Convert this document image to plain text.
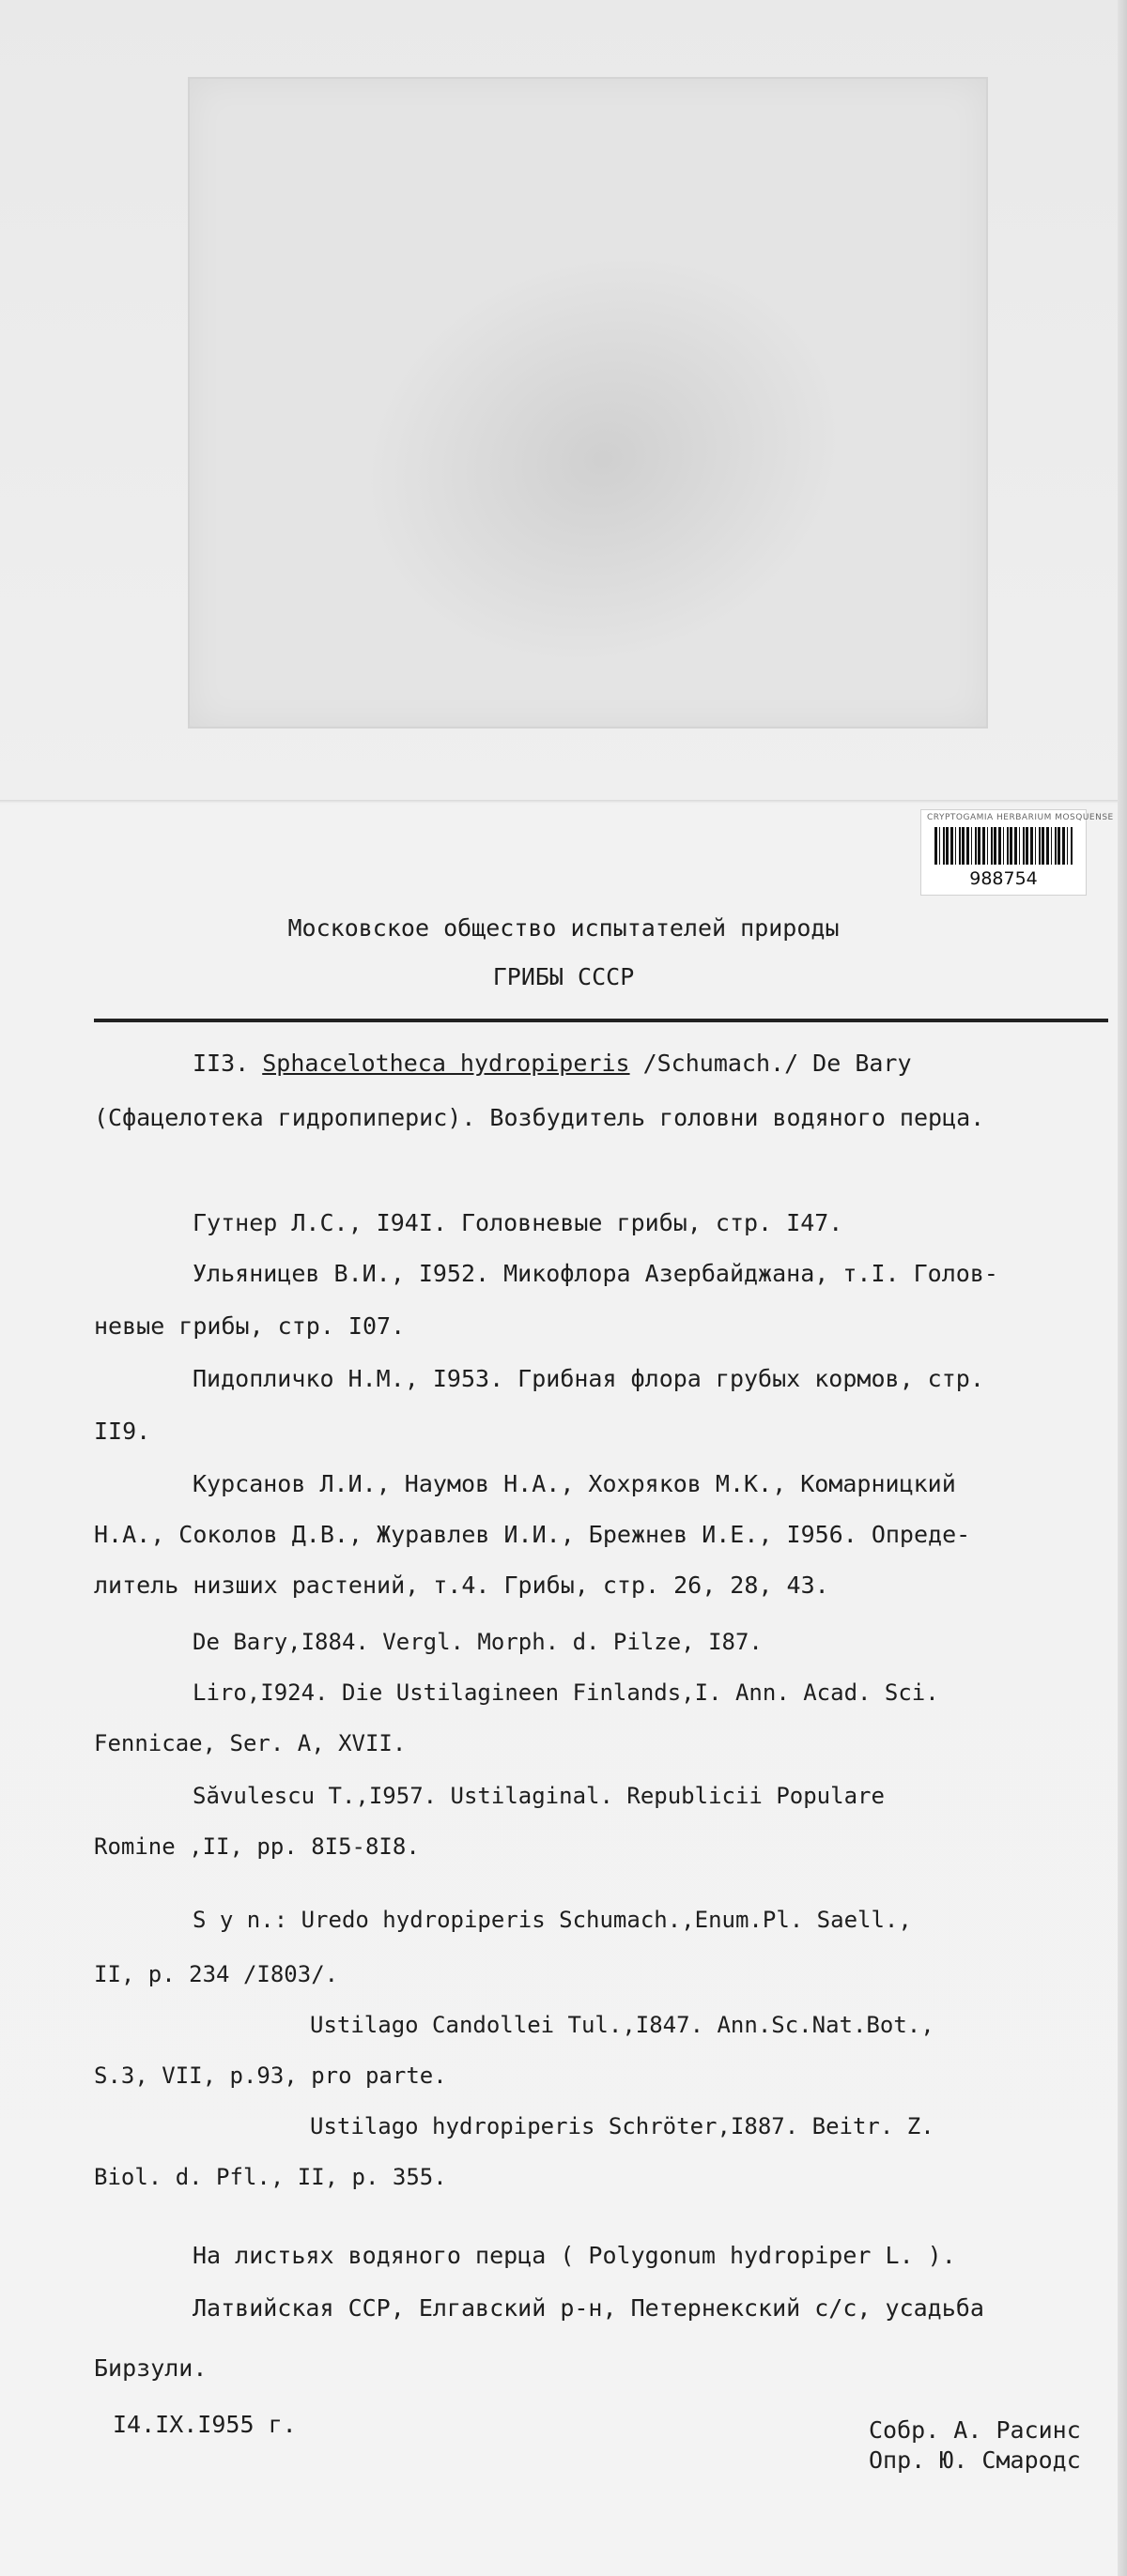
CRYPTOGAMIA HERBARIUM MOSQUENSE
988754
Московское общество испытателей природы
ГРИБЫ СССР
II3. Sphacelotheca hydropiperis /Schumach./ De Bary
(Сфацелотека гидропиперис). Возбудитель головни водяного перца.
Гутнер Л.С., I94I. Головневые грибы, стр. I47.
Ульяницев В.И., I952. Микофлора Азербайджана, т.I. Голов-
невые грибы, стр. I07.
Пидопличко Н.М., I953. Грибная флора грубых кормов, стр.
II9.
Курсанов Л.И., Наумов Н.А., Хохряков М.К., Комарницкий
Н.А., Соколов Д.В., Журавлев И.И., Брежнев И.Е., I956. Опреде-
литель низших растений, т.4. Грибы, стр. 26, 28, 43.
De Bary,I884. Vergl. Morph. d. Pilze, I87.
Liro,I924. Die Ustilagineen Finlands,I. Ann. Acad. Sci.
Fennicae, Ser. A, XVII.
Săvulescu T.,I957. Ustilaginal. Republicii Populare
Romine ,II, pp. 8I5-8I8.
S y n.: Uredo hydropiperis Schumach.,Enum.Pl. Saell.,
II, p. 234 /I803/.
Ustilago Candollei Tul.,I847. Ann.Sc.Nat.Bot.,
S.3, VII, p.93, pro parte.
Ustilago hydropiperis Schröter,I887. Beitr. Z.
Biol. d. Pfl., II, p. 355.
На листьях водяного перца ( Polygonum hydropiper L. ).
Латвийская ССР, Елгавский р-н, Петернекский с/с, усадьба
Бирзули.
I4.IX.I955 г.	Собр. А. Расинс
Опр. Ю. Смародс
